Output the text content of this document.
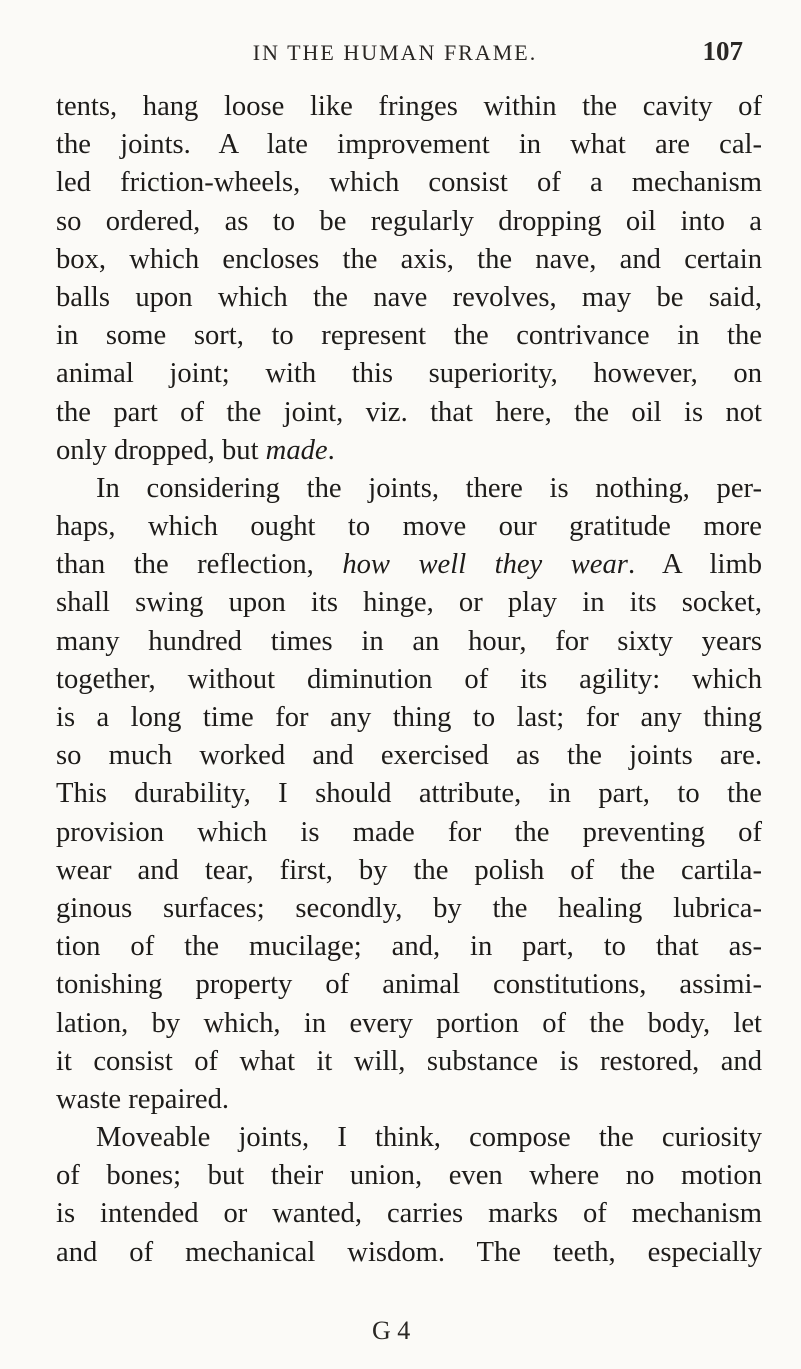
IN THE HUMAN FRAME.	107
tents, hang loose like fringes within the cavity of
the joints. A late improvement in what are cal-
led friction-wheels, which consist of a mechanism
so ordered, as to be regularly dropping oil into a
box, which encloses the axis, the nave, and certain
balls upon which the nave revolves, may be said,
in some sort, to represent the contrivance in the
animal joint; with this superiority, however, on
the part of the joint, viz. that here, the oil is not
only dropped, but made.
In considering the joints, there is nothing, per-
haps, which ought to move our gratitude more
than the reflection, how well they wear. A limb
shall swing upon its hinge, or play in its socket,
many hundred times in an hour, for sixty years
together, without diminution of its agility: which
is a long time for any thing to last; for any thing
so much worked and exercised as the joints are.
This durability, I should attribute, in part, to the
provision which is made for the preventing of
wear and tear, first, by the polish of the cartila-
ginous surfaces; secondly, by the healing lubrica-
tion of the mucilage; and, in part, to that as-
tonishing property of animal constitutions, assimi-
lation, by which, in every portion of the body, let
it consist of what it will, substance is restored, and
waste repaired.
Moveable joints, I think, compose the curiosity
of bones; but their union, even where no motion
is intended or wanted, carries marks of mechanism
and of mechanical wisdom. The teeth, especially
G 4
